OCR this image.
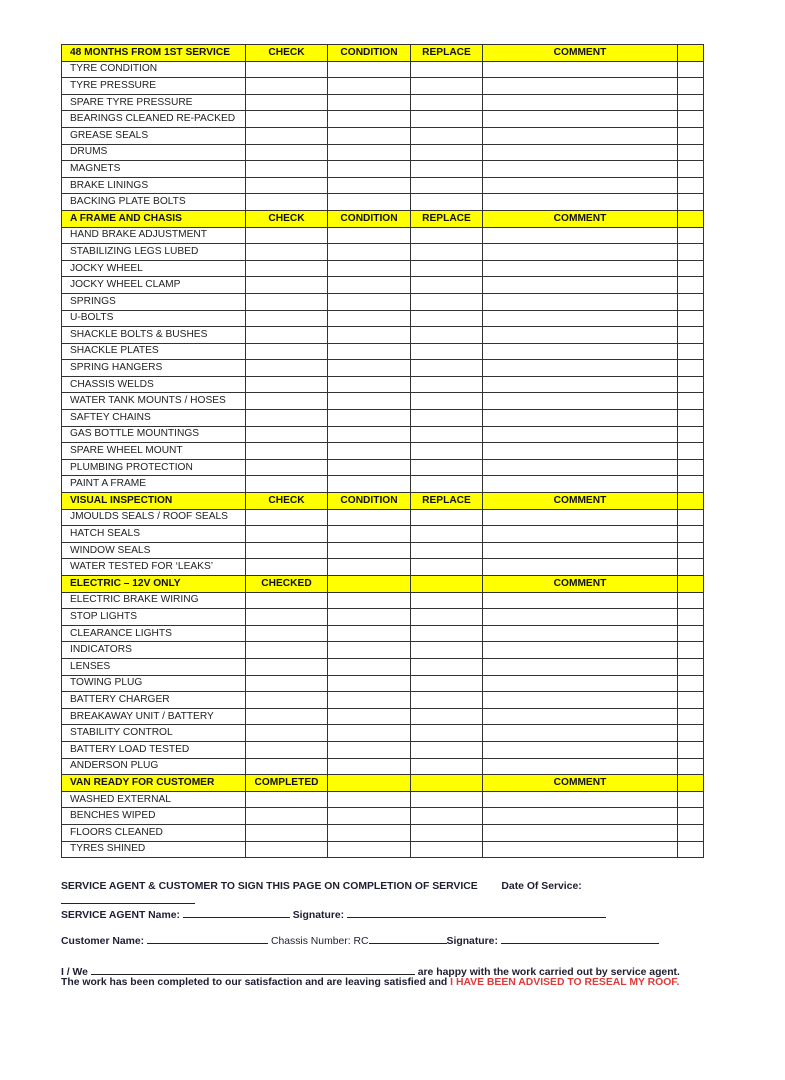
48 MONTHS FROM 1ST SERVICE	CHECK	CONDITION	REPLACE	COMMENT	
TYRE CONDITION					
TYRE PRESSURE					
SPARE TYRE PRESSURE					
BEARINGS CLEANED RE-PACKED					
GREASE SEALS					
DRUMS					
MAGNETS					
BRAKE LININGS					
BACKING PLATE BOLTS					
A FRAME AND CHASIS	CHECK	CONDITION	REPLACE	COMMENT	
HAND BRAKE ADJUSTMENT					
STABILIZING LEGS LUBED					
JOCKY WHEEL					
JOCKY WHEEL CLAMP					
SPRINGS					
U-BOLTS					
SHACKLE BOLTS & BUSHES					
SHACKLE PLATES					
SPRING HANGERS					
CHASSIS WELDS					
WATER TANK MOUNTS / HOSES					
SAFTEY CHAINS					
GAS BOTTLE MOUNTINGS					
SPARE WHEEL MOUNT					
PLUMBING PROTECTION					
PAINT A FRAME					
VISUAL INSPECTION	CHECK	CONDITION	REPLACE	COMMENT	
JMOULDS SEALS / ROOF SEALS					
HATCH SEALS					
WINDOW SEALS					
WATER TESTED FOR ‘LEAKS’					
ELECTRIC – 12V ONLY	CHECKED			COMMENT	
ELECTRIC BRAKE WIRING					
STOP LIGHTS					
CLEARANCE LIGHTS					
INDICATORS					
LENSES					
TOWING PLUG					
BATTERY CHARGER					
BREAKAWAY UNIT / BATTERY					
STABILITY CONTROL					
BATTERY LOAD TESTED					
ANDERSON PLUG					
VAN READY FOR CUSTOMER	COMPLETED			COMMENT	
WASHED EXTERNAL					
BENCHES WIPED					
FLOORS CLEANED					
TYRES SHINED					
SERVICE AGENT & CUSTOMER TO SIGN THIS PAGE ON COMPLETION OF SERVICE Date Of Service:
SERVICE AGENT Name:	Signature:
Customer Name:	Chassis Number: RC	Signature:
I / We	are happy with the work carried out by service agent.
The work has been completed to our satisfaction and are leaving satisfied and I HAVE BEEN ADVISED TO RESEAL MY ROOF.
